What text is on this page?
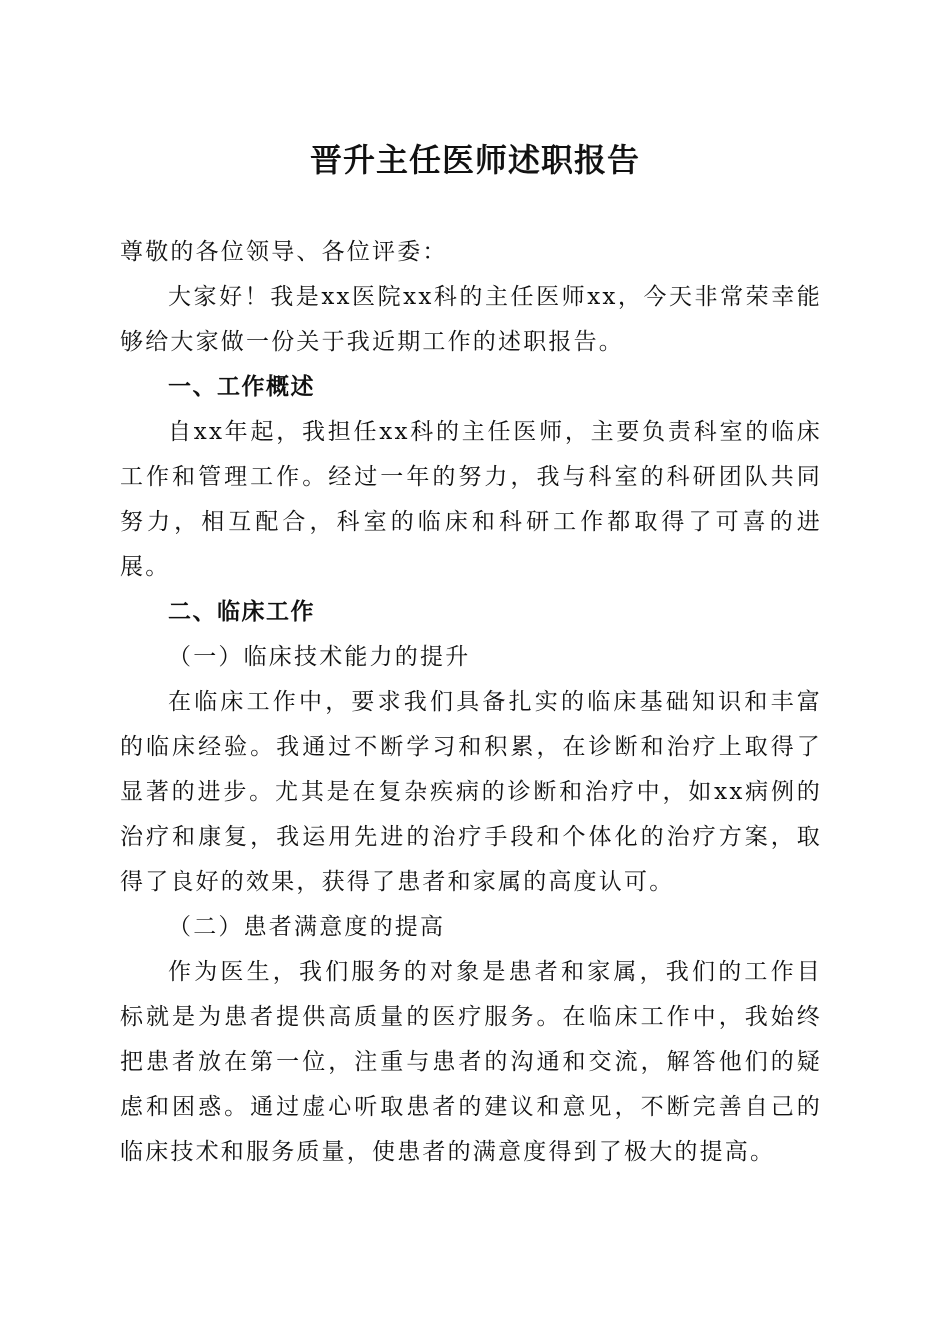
晋升主任医师述职报告

尊敬的各位领导、各位评委：

大家好！我是xx医院xx科的主任医师xx，今天非常荣幸能够给大家做一份关于我近期工作的述职报告。

一、工作概述

自xx年起，我担任xx科的主任医师，主要负责科室的临床工作和管理工作。经过一年的努力，我与科室的科研团队共同努力，相互配合，科室的临床和科研工作都取得了可喜的进展。

二、临床工作

（一）临床技术能力的提升

在临床工作中，要求我们具备扎实的临床基础知识和丰富的临床经验。我通过不断学习和积累，在诊断和治疗上取得了显著的进步。尤其是在复杂疾病的诊断和治疗中，如xx病例的治疗和康复，我运用先进的治疗手段和个体化的治疗方案，取得了良好的效果，获得了患者和家属的高度认可。

（二）患者满意度的提高

作为医生，我们服务的对象是患者和家属，我们的工作目标就是为患者提供高质量的医疗服务。在临床工作中，我始终把患者放在第一位，注重与患者的沟通和交流，解答他们的疑虑和困惑。通过虚心听取患者的建议和意见，不断完善自己的临床技术和服务质量，使患者的满意度得到了极大的提高。
